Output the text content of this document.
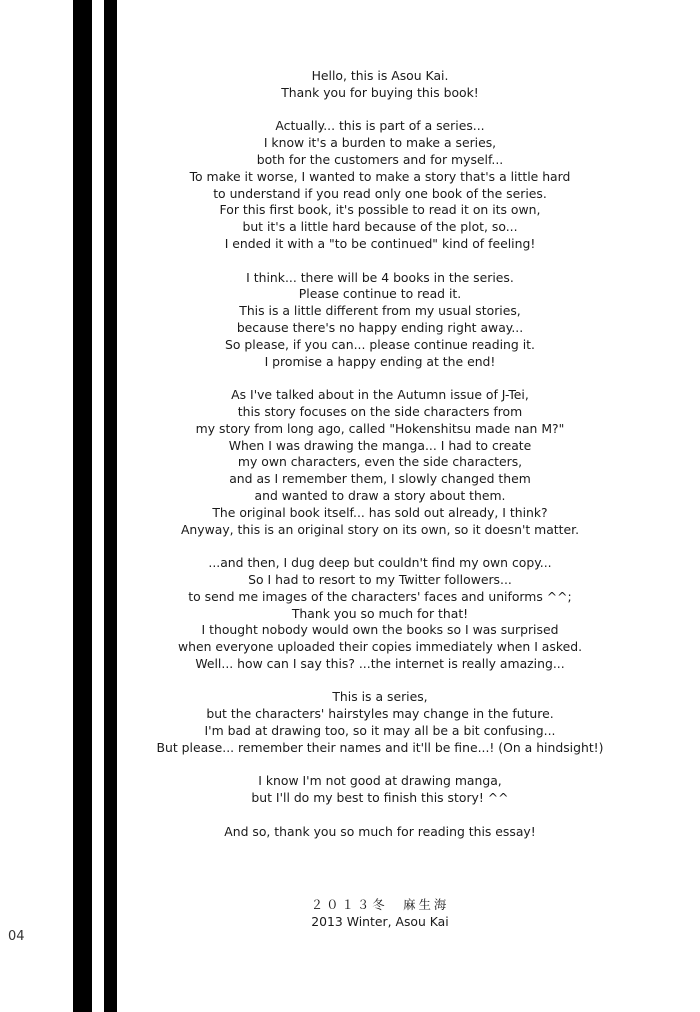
04

Hello, this is Asou Kai.
Thank you for buying this book!

Actually... this is part of a series...
I know it's a burden to make a series,
both for the customers and for myself...
To make it worse, I wanted to make a story that's a little hard
to understand if you read only one book of the series.
For this first book, it's possible to read it on its own,
but it's a little hard because of the plot, so...
I ended it with a "to be continued" kind of feeling!

I think... there will be 4 books in the series.
Please continue to read it.
This is a little different from my usual stories,
because there's no happy ending right away...
So please, if you can... please continue reading it.
I promise a happy ending at the end!

As I've talked about in the Autumn issue of J-Tei,
this story focuses on the side characters from
my story from long ago, called "Hokenshitsu made nan M?"
When I was drawing the manga... I had to create
my own characters, even the side characters,
and as I remember them, I slowly changed them
and wanted to draw a story about them.
The original book itself... has sold out already, I think?
Anyway, this is an original story on its own, so it doesn't matter.

...and then, I dug deep but couldn't find my own copy...
So I had to resort to my Twitter followers...
to send me images of the characters' faces and uniforms ^^;
Thank you so much for that!
I thought nobody would own the books so I was surprised
when everyone uploaded their copies immediately when I asked.
Well... how can I say this? ...the internet is really amazing...

This is a series,
but the characters' hairstyles may change in the future.
I'm bad at drawing too, so it may all be a bit confusing...
But please... remember their names and it'll be fine...! (On a hindsight!)

I know I'm not good at drawing manga,
but I'll do my best to finish this story! ^^

And so, thank you so much for reading this essay!

２０１３冬　麻生海
2013 Winter, Asou Kai
